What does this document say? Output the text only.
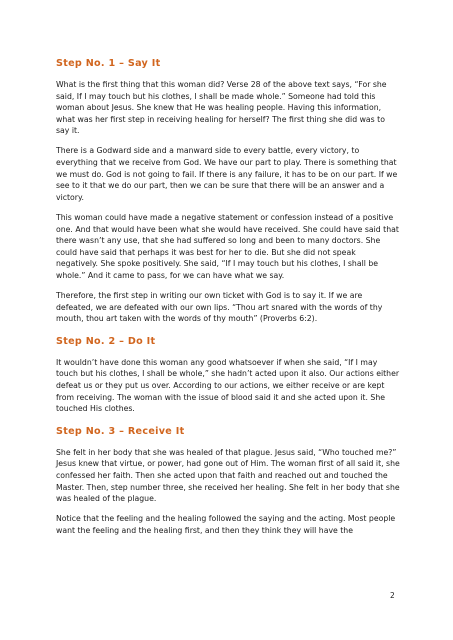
Step No. 1 – Say It

What is the first thing that this woman did? Verse 28 of the above text says, “For she said, If I may touch but his clothes, I shall be made whole.” Someone had told this woman about Jesus. She knew that He was healing people. Having this information, what was her first step in receiving healing for herself? The first thing she did was to say it.

There is a Godward side and a manward side to every battle, every victory, to everything that we receive from God. We have our part to play. There is something that we must do. God is not going to fail. If there is any failure, it has to be on our part. If we see to it that we do our part, then we can be sure that there will be an answer and a victory.

This woman could have made a negative statement or confession instead of a positive one. And that would have been what she would have received. She could have said that there wasn’t any use, that she had suffered so long and been to many doctors. She could have said that perhaps it was best for her to die. But she did not speak negatively. She spoke positively. She said, “If I may touch but his clothes, I shall be whole.” And it came to pass, for we can have what we say.

Therefore, the first step in writing our own ticket with God is to say it. If we are defeated, we are defeated with our own lips. “Thou art snared with the words of thy mouth, thou art taken with the words of thy mouth” (Proverbs 6:2).

Step No. 2 – Do It

It wouldn’t have done this woman any good whatsoever if when she said, “If I may touch but his clothes, I shall be whole,” she hadn’t acted upon it also. Our actions either defeat us or they put us over. According to our actions, we either receive or are kept from receiving. The woman with the issue of blood said it and she acted upon it. She touched His clothes.

Step No. 3 – Receive It

She felt in her body that she was healed of that plague. Jesus said, “Who touched me?” Jesus knew that virtue, or power, had gone out of Him. The woman first of all said it, she confessed her faith. Then she acted upon that faith and reached out and touched the Master. Then, step number three, she received her healing. She felt in her body that she was healed of the plague.

Notice that the feeling and the healing followed the saying and the acting. Most people want the feeling and the healing first, and then they think they will have the

2
